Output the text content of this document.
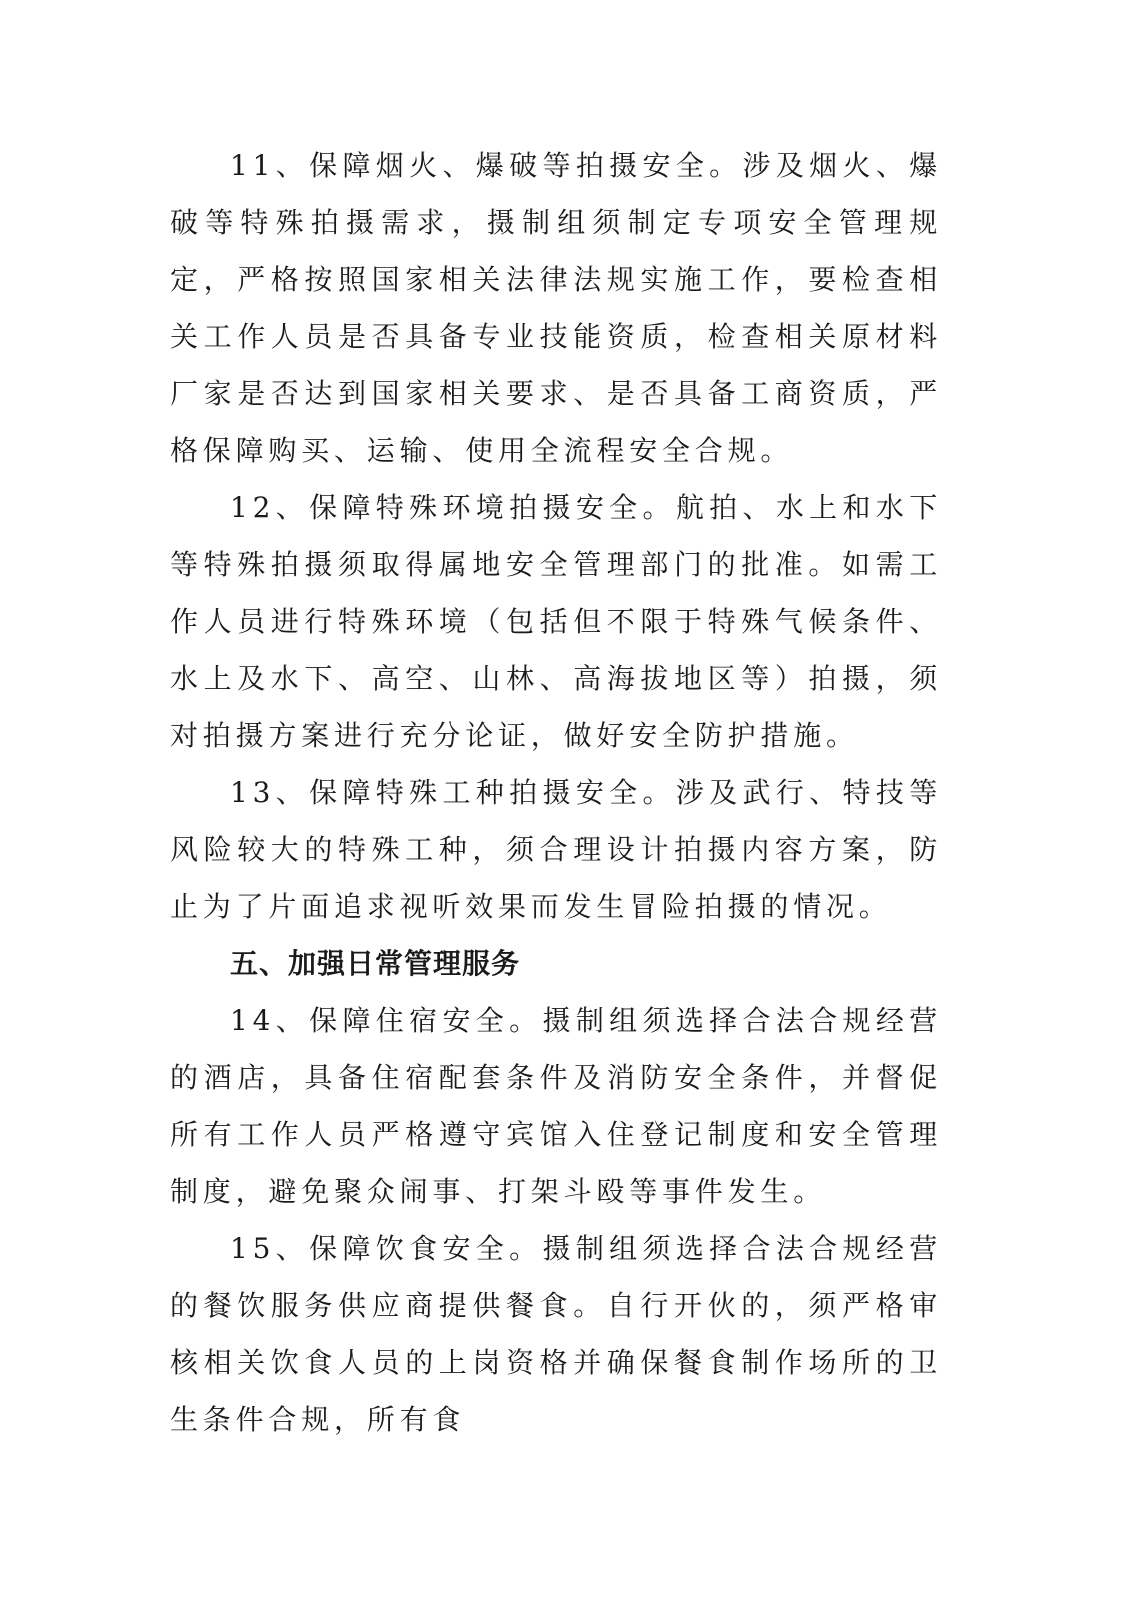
11、保障烟火、爆破等拍摄安全。涉及烟火、爆破等特殊拍摄需求，摄制组须制定专项安全管理规定，严格按照国家相关法律法规实施工作，要检查相关工作人员是否具备专业技能资质，检查相关原材料厂家是否达到国家相关要求、是否具备工商资质，严格保障购买、运输、使用全流程安全合规。

12、保障特殊环境拍摄安全。航拍、水上和水下等特殊拍摄须取得属地安全管理部门的批准。如需工作人员进行特殊环境（包括但不限于特殊气候条件、水上及水下、高空、山林、高海拔地区等）拍摄，须对拍摄方案进行充分论证，做好安全防护措施。

13、保障特殊工种拍摄安全。涉及武行、特技等风险较大的特殊工种，须合理设计拍摄内容方案，防止为了片面追求视听效果而发生冒险拍摄的情况。

五、加强日常管理服务

14、保障住宿安全。摄制组须选择合法合规经营的酒店，具备住宿配套条件及消防安全条件，并督促所有工作人员严格遵守宾馆入住登记制度和安全管理制度，避免聚众闹事、打架斗殴等事件发生。

15、保障饮食安全。摄制组须选择合法合规经营的餐饮服务供应商提供餐食。自行开伙的，须严格审核相关饮食人员的上岗资格并确保餐食制作场所的卫生条件合规，所有食
